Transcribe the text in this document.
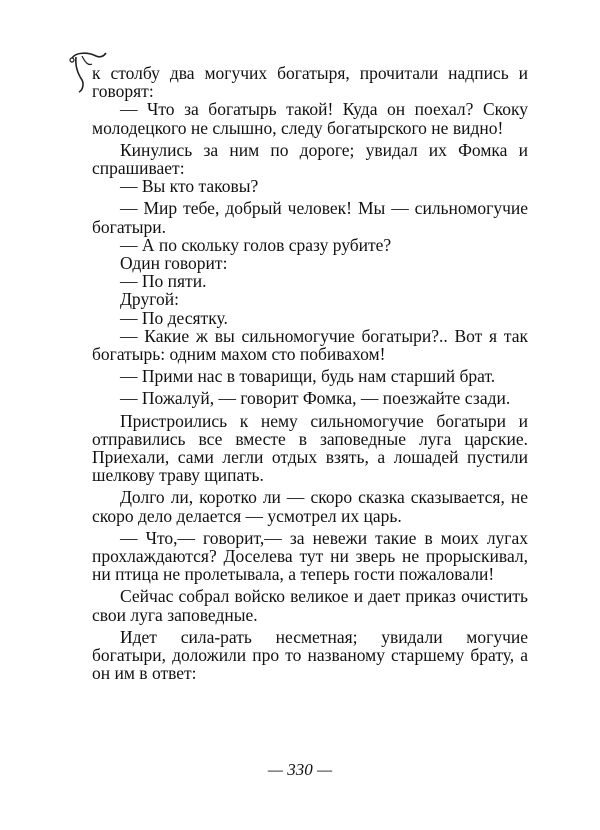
к столбу два могучих богатыря, прочитали надпись и говорят:

— Что за богатырь такой! Куда он поехал? Скоку молодецкого не слышно, следу богатырского не видно!

Кинулись за ним по дороге; увидал их Фомка и спрашивает:

— Вы кто таковы?

— Мир тебе, добрый человек! Мы — сильномогучие богатыри.

— А по скольку голов сразу рубите?

Один говорит:

— По пяти.

Другой:

— По десятку.

— Какие ж вы сильномогучие богатыри?.. Вот я так богатырь: одним махом сто побивахом!

— Прими нас в товарищи, будь нам старший брат.

— Пожалуй, — говорит Фомка, — поезжайте сзади.

Пристроились к нему сильномогучие богатыри и отправились все вместе в заповедные луга царские. Приехали, сами легли отдых взять, а лошадей пустили шелкову траву щипать.

Долго ли, коротко ли — скоро сказка сказывается, не скоро дело делается — усмотрел их царь.

— Что,— говорит,— за невежи такие в моих лугах прохлаждаются? Доселева тут ни зверь не прорыскивал, ни птица не пролетывала, а теперь гости пожаловали!

Сейчас собрал войско великое и дает приказ очистить свои луга заповедные.

Идет сила-рать несметная; увидали могучие богатыри, доложили про то названому старшему брату, а он им в ответ:

— 330 —
